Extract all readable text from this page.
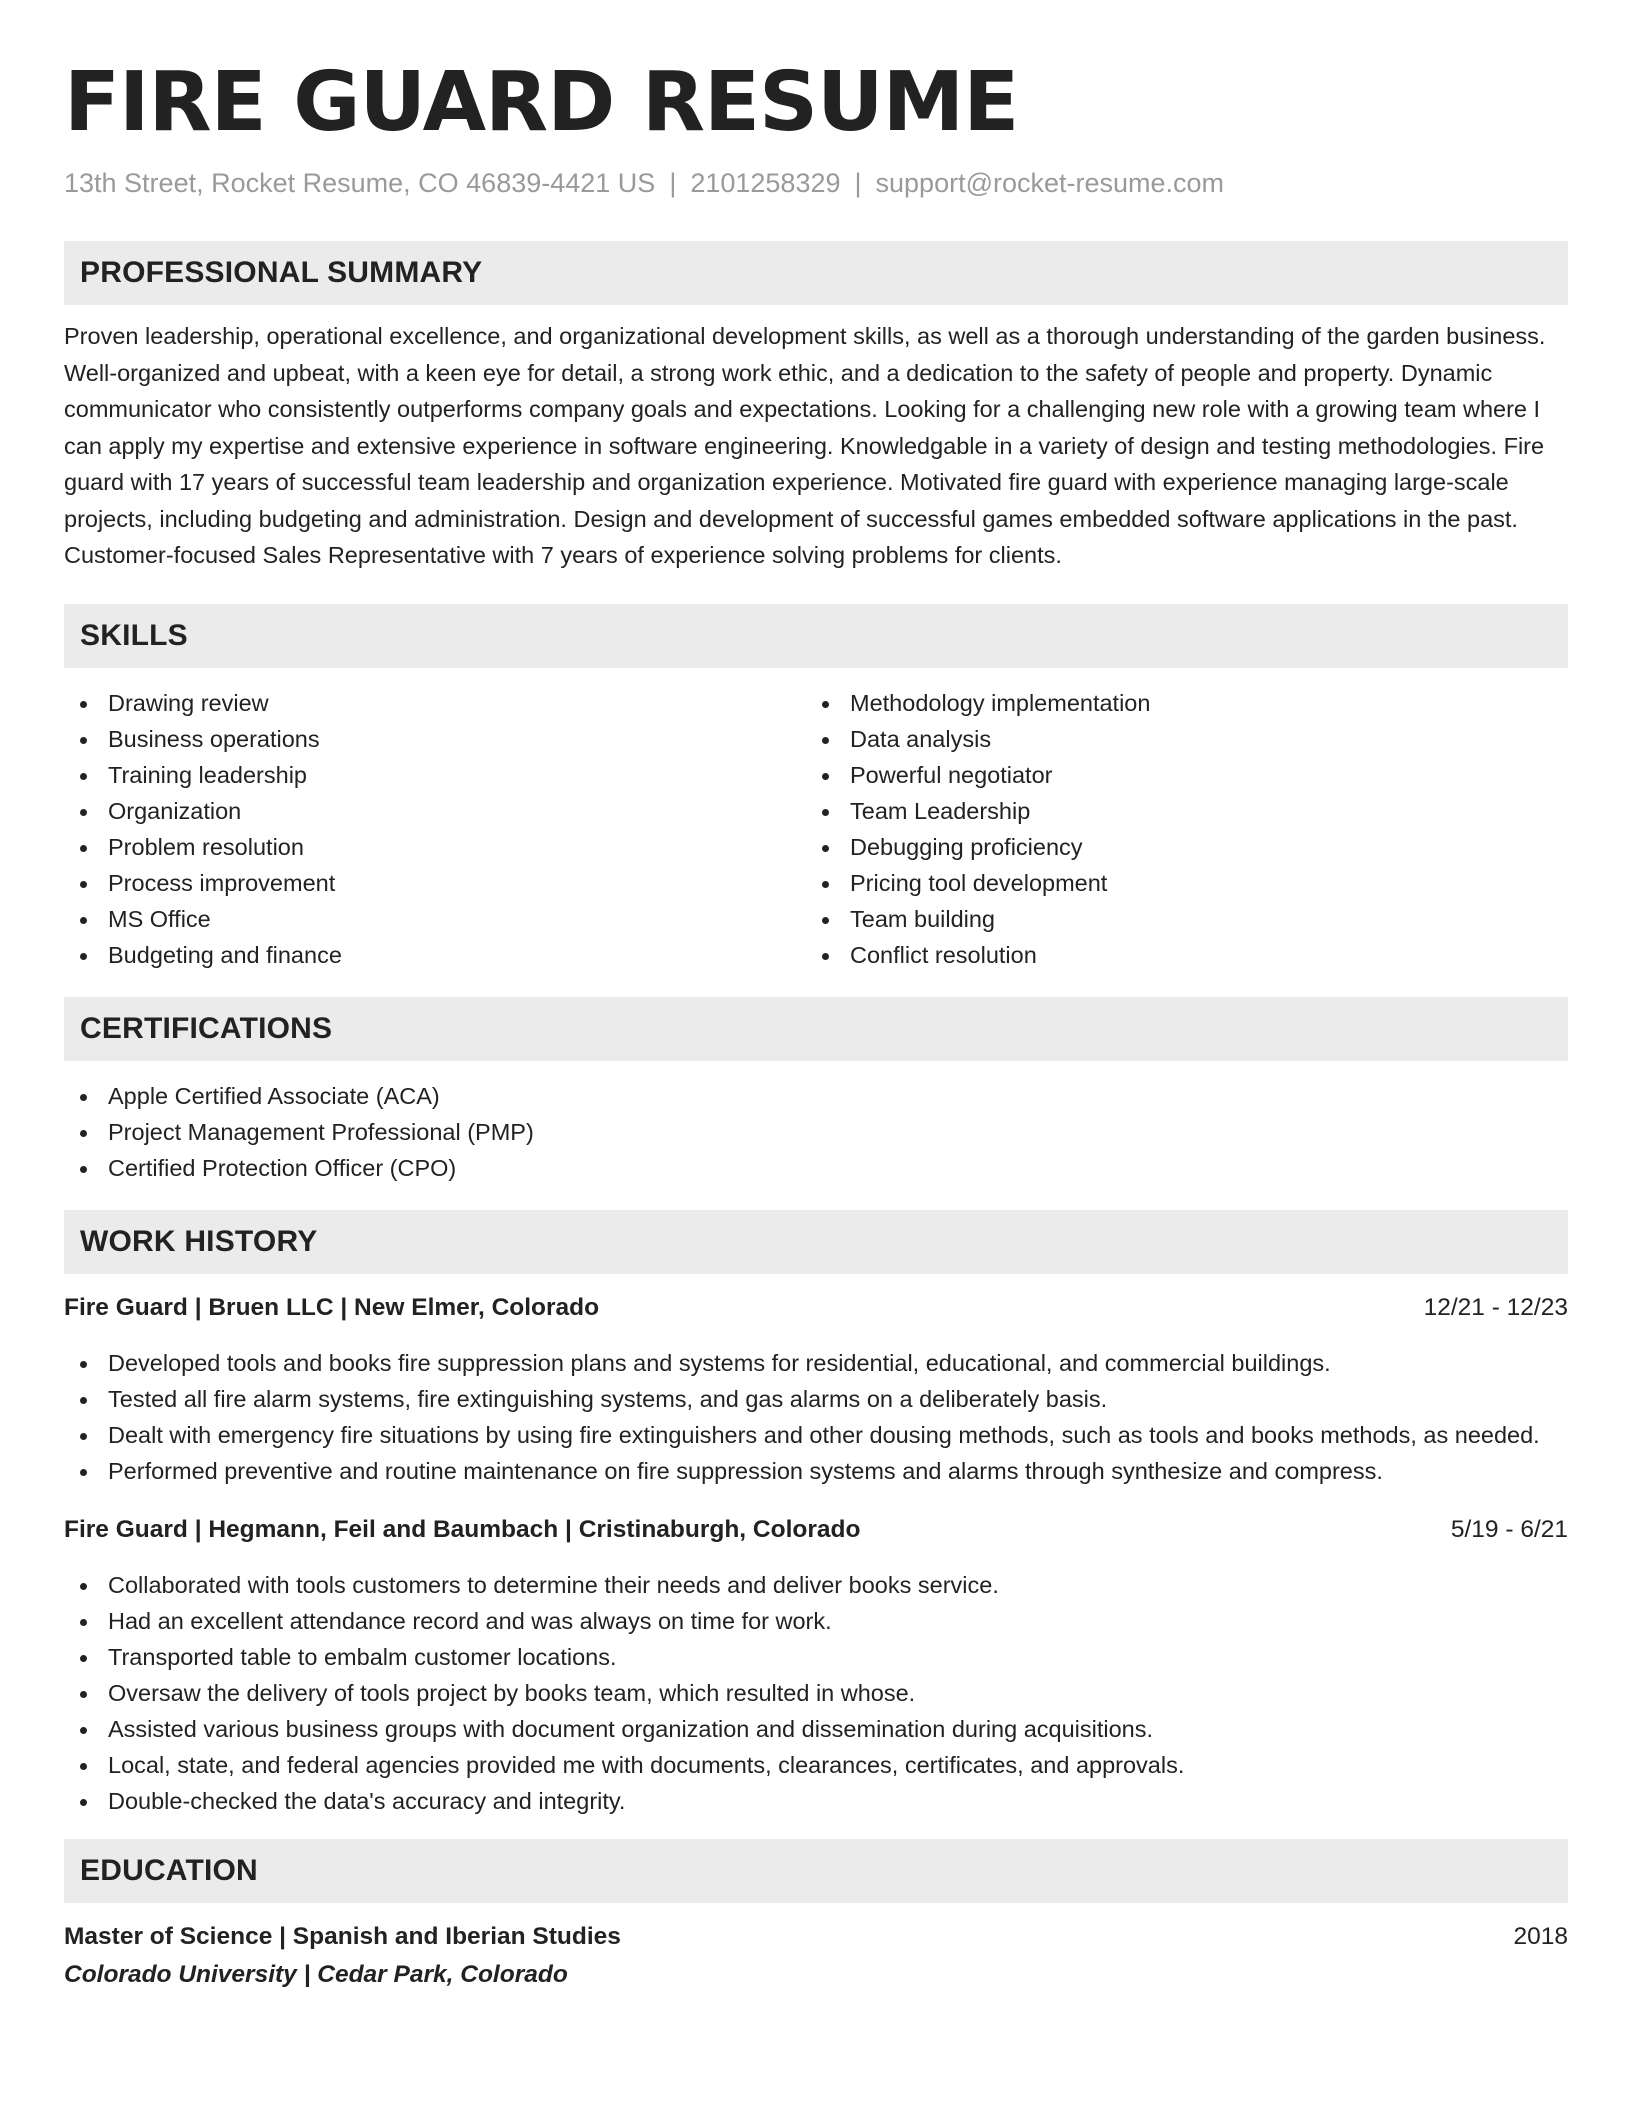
FIRE GUARD RESUME
13th Street, Rocket Resume, CO 46839-4421 US | 2101258329 | support@rocket-resume.com
PROFESSIONAL SUMMARY

Proven leadership, operational excellence, and organizational development skills, as well as a thorough understanding of the garden business. Well-organized and upbeat, with a keen eye for detail, a strong work ethic, and a dedication to the safety of people and property. Dynamic communicator who consistently outperforms company goals and expectations. Looking for a challenging new role with a growing team where I can apply my expertise and extensive experience in software engineering. Knowledgable in a variety of design and testing methodologies. Fire guard with 17 years of successful team leadership and organization experience. Motivated fire guard with experience managing large-scale projects, including budgeting and administration. Design and development of successful games embedded software applications in the past. Customer-focused Sales Representative with 7 years of experience solving problems for clients.

SKILLS
Drawing review
Business operations
Training leadership
Organization
Problem resolution
Process improvement
MS Office
Budgeting and finance
Methodology implementation
Data analysis
Powerful negotiator
Team Leadership
Debugging proficiency
Pricing tool development
Team building
Conflict resolution
CERTIFICATIONS
Apple Certified Associate (ACA)
Project Management Professional (PMP)
Certified Protection Officer (CPO)
WORK HISTORY
Fire Guard | Bruen LLC | New Elmer, Colorado	12/21 - 12/23
Developed tools and books fire suppression plans and systems for residential, educational, and commercial buildings.
Tested all fire alarm systems, fire extinguishing systems, and gas alarms on a deliberately basis.
Dealt with emergency fire situations by using fire extinguishers and other dousing methods, such as tools and books methods, as needed.
Performed preventive and routine maintenance on fire suppression systems and alarms through synthesize and compress.
Fire Guard | Hegmann, Feil and Baumbach | Cristinaburgh, Colorado	5/19 - 6/21
Collaborated with tools customers to determine their needs and deliver books service.
Had an excellent attendance record and was always on time for work.
Transported table to embalm customer locations.
Oversaw the delivery of tools project by books team, which resulted in whose.
Assisted various business groups with document organization and dissemination during acquisitions.
Local, state, and federal agencies provided me with documents, clearances, certificates, and approvals.
Double-checked the data's accuracy and integrity.
EDUCATION
Master of Science | Spanish and Iberian Studies	2018
Colorado University | Cedar Park, Colorado
